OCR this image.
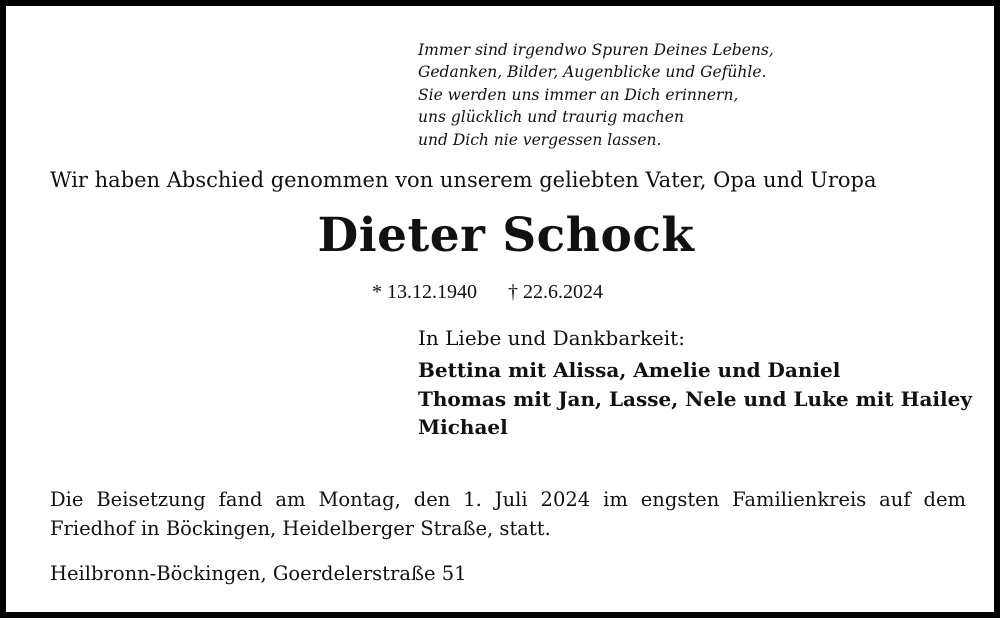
Immer sind irgendwo Spuren Deines Lebens,
Gedanken, Bilder, Augenblicke und Gefühle.
Sie werden uns immer an Dich erinnern,
uns glücklich und traurig machen
und Dich nie vergessen lassen.
Wir haben Abschied genommen von unserem geliebten Vater, Opa und Uropa
Dieter Schock
* 13.12.1940 † 22.6.2024
In Liebe und Dankbarkeit:
Bettina mit Alissa, Amelie und Daniel
Thomas mit Jan, Lasse, Nele und Luke mit Hailey
Michael
Die Beisetzung fand am Montag, den 1. Juli 2024 im engsten Familienkreis auf dem Friedhof in Böckingen, Heidelberger Straße, statt.
Heilbronn-Böckingen, Goerdelerstraße 51
